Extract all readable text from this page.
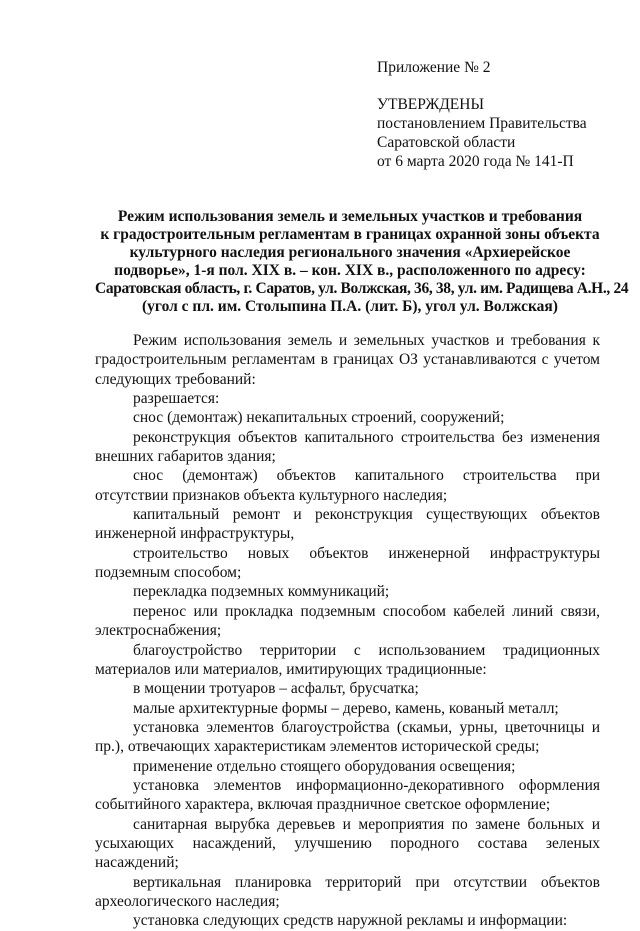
Приложение № 2
УТВЕРЖДЕНЫ
постановлением Правительства
Саратовской области
от 6 марта 2020 года № 141-П
Режим использования земель и земельных участков и требования
к градостроительным регламентам в границах охранной зоны объекта
культурного наследия регионального значения «Архиерейское
подворье», 1-я пол. XIX в. – кон. XIX в., расположенного по адресу:
Саратовская область, г. Саратов, ул. Волжская, 36, 38, ул. им. Радищева А.Н., 24
(угол с пл. им. Столыпина П.А. (лит. Б), угол ул. Волжская)

Режим использования земель и земельных участков и требования к градостроительным регламентам в границах ОЗ устанавливаются с учетом следующих требований:

разрешается:

снос (демонтаж) некапитальных строений, сооружений;

реконструкция объектов капитального строительства без изменения внешних габаритов здания;

снос (демонтаж) объектов капитального строительства при отсутствии признаков объекта культурного наследия;

капитальный ремонт и реконструкция существующих объектов инженерной инфраструктуры,

строительство новых объектов инженерной инфраструктуры подземным способом;

перекладка подземных коммуникаций;

перенос или прокладка подземным способом кабелей линий связи, электроснабжения;

благоустройство территории с использованием традиционных материалов или материалов, имитирующих традиционные:

в мощении тротуаров – асфальт, брусчатка;

малые архитектурные формы – дерево, камень, кованый металл;

установка элементов благоустройства (скамьи, урны, цветочницы и пр.), отвечающих характеристикам элементов исторической среды;

применение отдельно стоящего оборудования освещения;

установка элементов информационно-декоративного оформления событийного характера, включая праздничное светское оформление;

санитарная вырубка деревьев и мероприятия по замене больных и усыхающих насаждений, улучшению породного состава зеленых насаждений;

вертикальная планировка территорий при отсутствии объектов археологического наследия;

установка следующих средств наружной рекламы и информации:
